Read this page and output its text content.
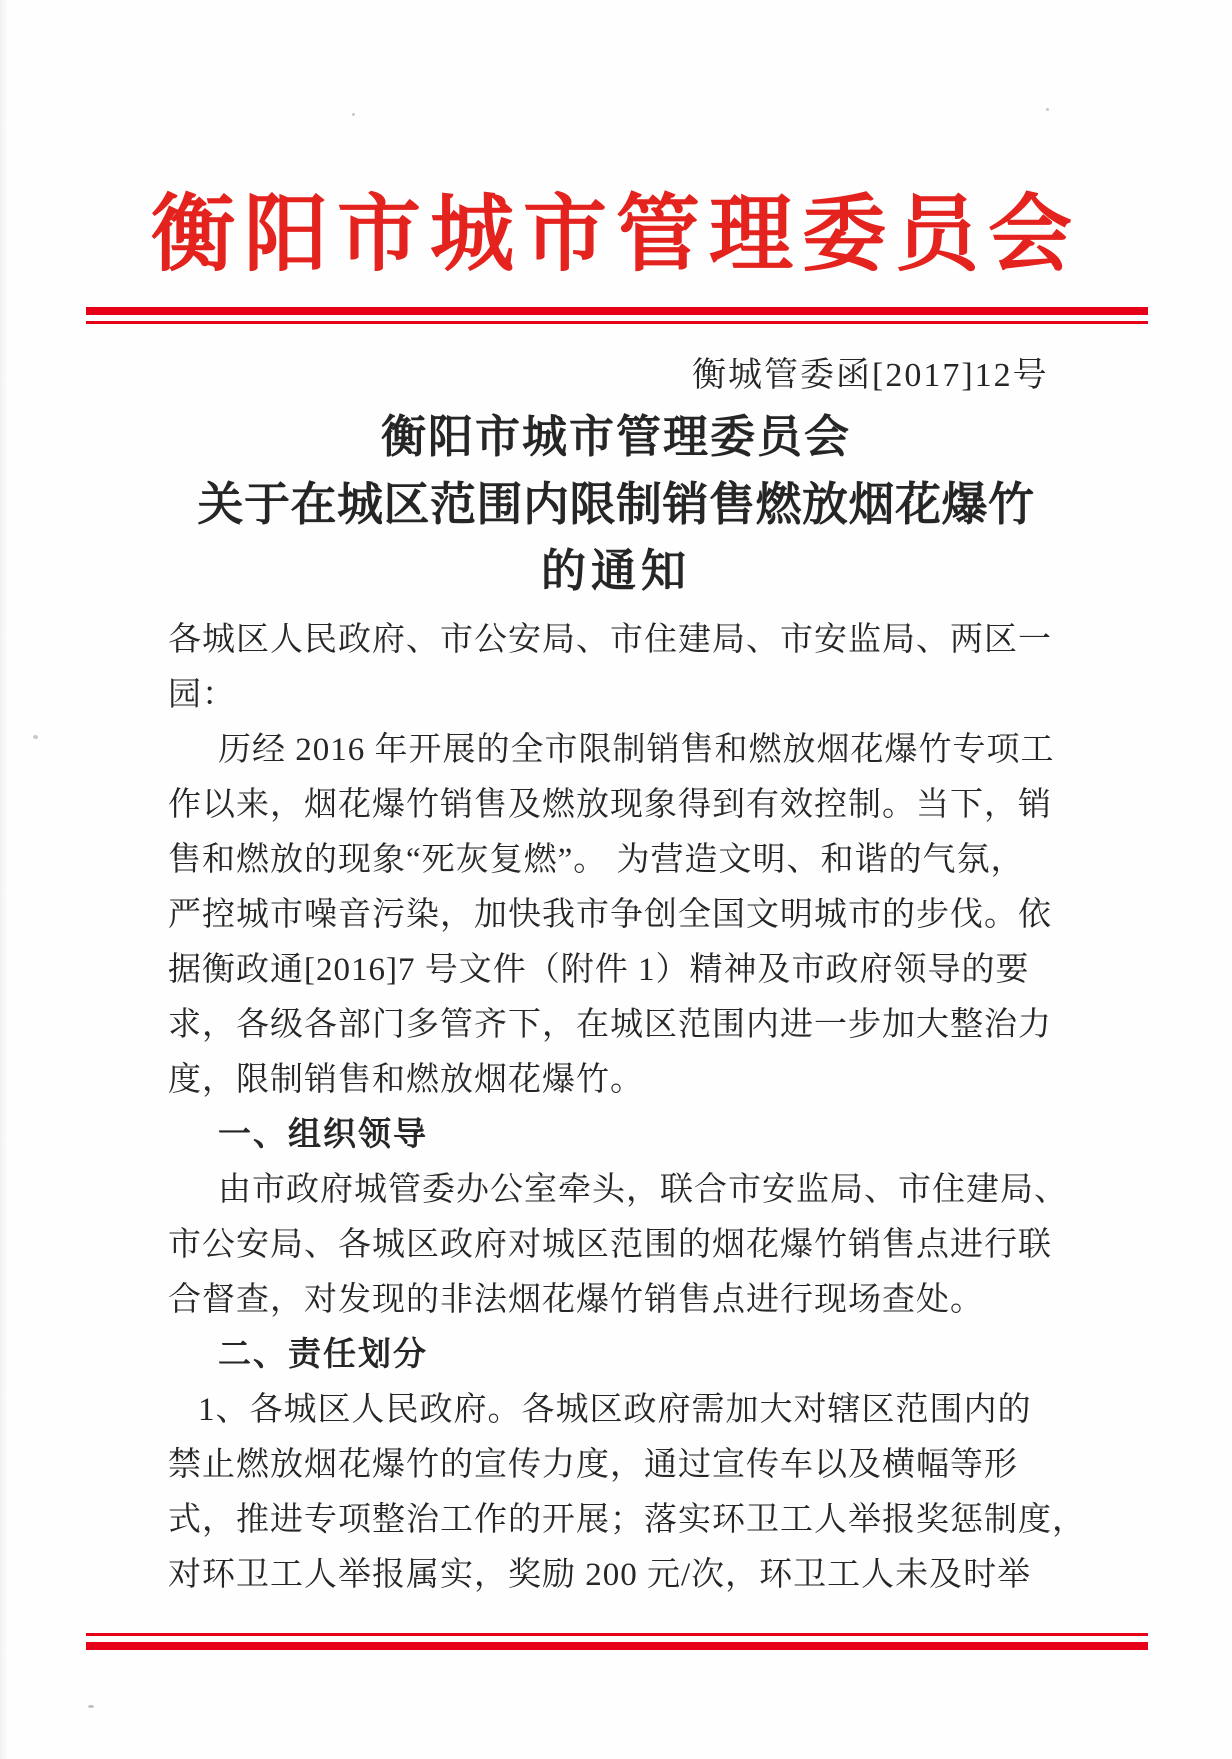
衡阳市城市管理委员会
衡城管委函[2017]12号
衡阳市城市管理委员会
关于在城区范围内限制销售燃放烟花爆竹
的通知
各城区人民政府、市公安局、市住建局、市安监局、两区一
园：
历经 2016 年开展的全市限制销售和燃放烟花爆竹专项工
作以来，烟花爆竹销售及燃放现象得到有效控制。当下，销
售和燃放的现象“死灰复燃”。 为营造文明、和谐的气氛，
严控城市噪音污染，加快我市争创全国文明城市的步伐。依
据衡政通[2016]7 号文件（附件 1）精神及市政府领导的要
求，各级各部门多管齐下，在城区范围内进一步加大整治力
度，限制销售和燃放烟花爆竹。
一、组织领导
由市政府城管委办公室牵头，联合市安监局、市住建局、
市公安局、各城区政府对城区范围的烟花爆竹销售点进行联
合督查，对发现的非法烟花爆竹销售点进行现场查处。
二、责任划分
1、各城区人民政府。各城区政府需加大对辖区范围内的
禁止燃放烟花爆竹的宣传力度，通过宣传车以及横幅等形
式，推进专项整治工作的开展；落实环卫工人举报奖惩制度，
对环卫工人举报属实，奖励 200 元/次，环卫工人未及时举
